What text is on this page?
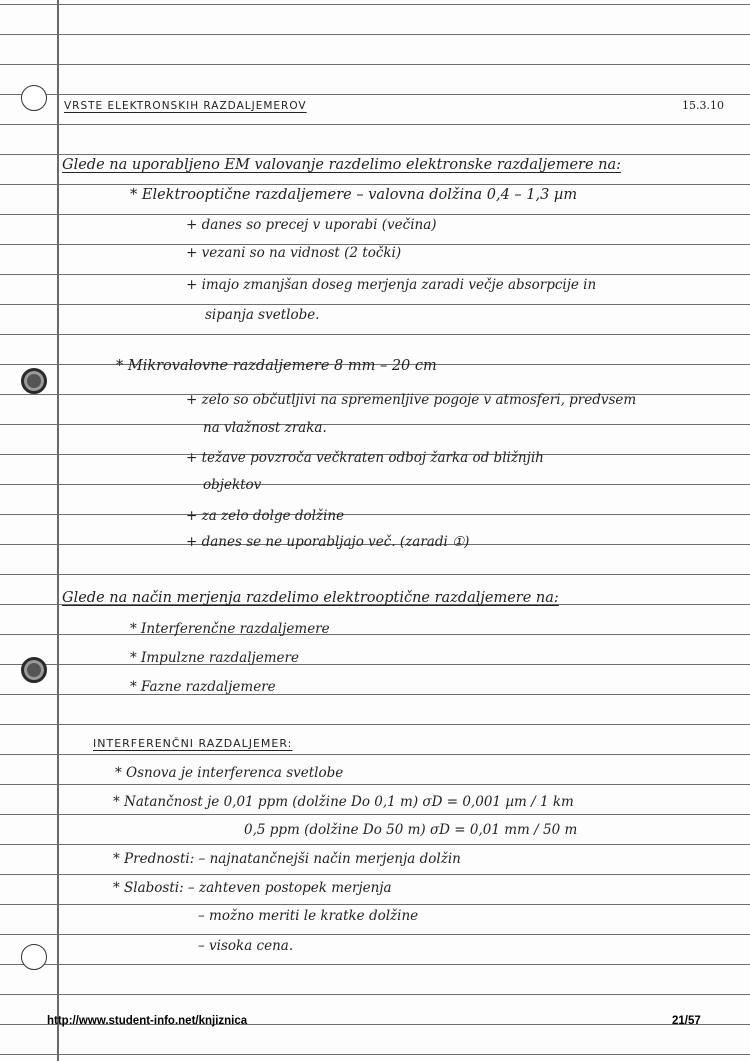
VRSTE ELEKTRONSKIH RAZDALJEMEROV	15.3.10
Glede na uporabljeno EM valovanje razdelimo elektronske razdaljemere na:
* Elektrooptične razdaljemere – valovna dolžina 0,4 – 1,3 µm
+ danes so precej v uporabi (večina)
+ vezani so na vidnost (2 točki)
+ imajo zmanjšan doseg merjenja zaradi večje absorpcije in
sipanja svetlobe.
* Mikrovalovne razdaljemere 8 mm – 20 cm
+ zelo so občutljivi na spremenljive pogoje v atmosferi, predvsem
na vlažnost zraka.
+ težave povzroča večkraten odboj žarka od bližnjih
objektov
+ za zelo dolge dolžine
+ danes se ne uporabljajo več. (zaradi ①)
Glede na način merjenja razdelimo elektrooptične razdaljemere na:
* Interferenčne razdaljemere
* Impulzne razdaljemere
* Fazne razdaljemere
INTERFERENČNI RAZDALJEMER:
* Osnova je interferenca svetlobe
* Natančnost je 0,01 ppm (dolžine Do 0,1 m) σD = 0,001 µm / 1 km
0,5 ppm (dolžine Do 50 m) σD = 0,01 mm / 50 m
* Prednosti: – najnatančnejši način merjenja dolžin
* Slabosti: – zahteven postopek merjenja
– možno meriti le kratke dolžine
– visoka cena.
http://www.student-info.net/knjiznica	21/57
